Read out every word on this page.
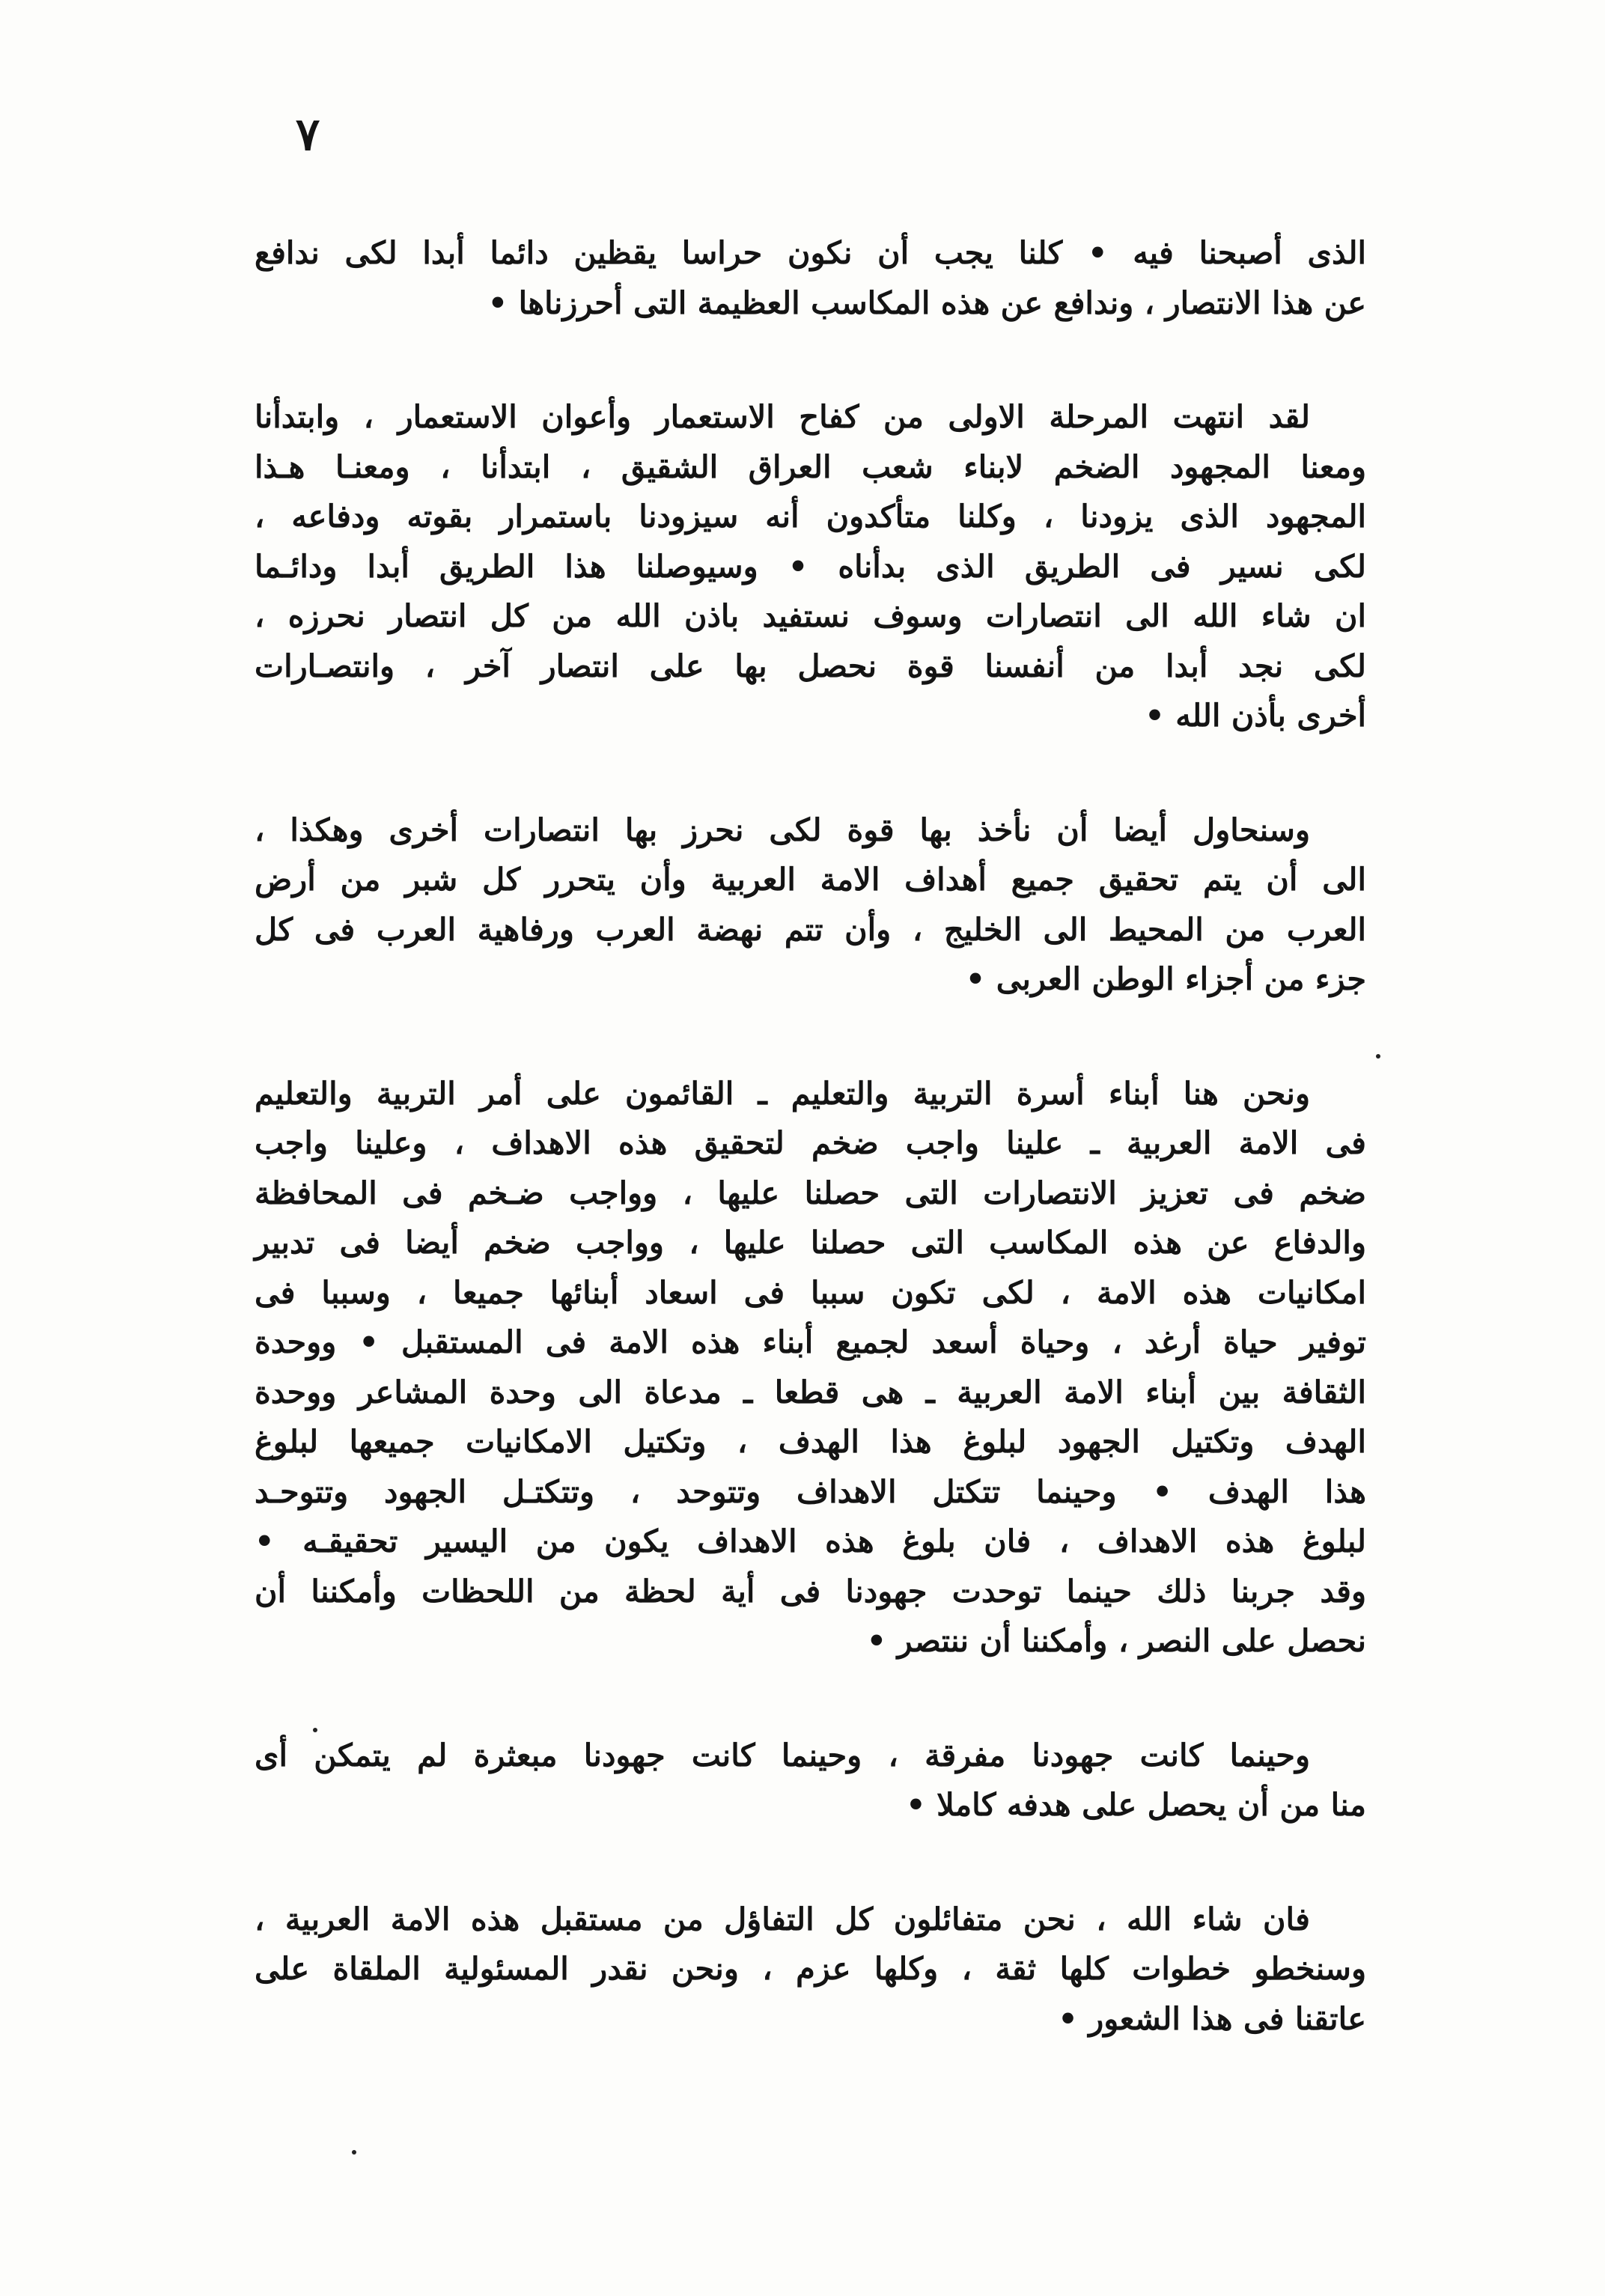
٧

الذى أصبحنا فيه • كلنا يجب أن نكون حراسا يقظين دائما أبدا لكى ندافع
عن هذا الانتصار ، وندافع عن هذه المكاسب العظيمة التى أحرزناها •

لقد انتهت المرحلة الاولى من كفاح الاستعمار وأعوان الاستعمار ، وابتدأنا
ومعنا المجهود الضخم لابناء شعب العراق الشقيق ، ابتدأنا ، ومعنـا هـذا
المجهود الذى يزودنا ، وكلنا متأكدون أنه سيزودنا باستمرار بقوته ودفاعه ،
لكى نسير فى الطريق الذى بدأناه • وسيوصلنا هذا الطريق أبدا ودائـما
ان شاء الله الى انتصارات وسوف نستفيد باذن الله من كل انتصار نحرزه ،
لكى نجد أبدا من أنفسنا قوة نحصل بها على انتصار آخر ، وانتصـارات
أخرى بأذن الله •

وسنحاول أيضا أن نأخذ بها قوة لكى نحرز بها انتصارات أخرى وهكذا ،
الى أن يتم تحقيق جميع أهداف الامة العربية وأن يتحرر كل شبر من أرض
العرب من المحيط الى الخليج ، وأن تتم نهضة العرب ورفاهية العرب فى كل
جزء من أجزاء الوطن العربى •

ونحن هنا أبناء أسرة التربية والتعليم ـ القائمون على أمر التربية والتعليم
فى الامة العربية ـ علينا واجب ضخم لتحقيق هذه الاهداف ، وعلينا واجب
ضخم فى تعزيز الانتصارات التى حصلنا عليها ، وواجب ضـخم فى المحافظة
والدفاع عن هذه المكاسب التى حصلنا عليها ، وواجب ضخم أيضا فى تدبير
امكانيات هذه الامة ، لكى تكون سببا فى اسعاد أبنائها جميعا ، وسببا فى
توفير حياة أرغد ، وحياة أسعد لجميع أبناء هذه الامة فى المستقبل • ووحدة
الثقافة بين أبناء الامة العربية ـ هى قطعا ـ مدعاة الى وحدة المشاعر ووحدة
الهدف وتكتيل الجهود لبلوغ هذا الهدف ، وتكتيل الامكانيات جميعها لبلوغ
هذا الهدف • وحينما تتكتل الاهداف وتتوحد ، وتتكتـل الجهود وتتوحـد
لبلوغ هذه الاهداف ، فان بلوغ هذه الاهداف يكون من اليسير تحقيقـه •
وقد جربنا ذلك حينما توحدت جهودنا فى أية لحظة من اللحظات وأمكننا أن
نحصل على النصر ، وأمكننا أن ننتصر •

وحينما كانت جهودنا مفرقة ، وحينما كانت جهودنا مبعثرة لم يتمكن أى
منا من أن يحصل على هدفه كاملا •

فان شاء الله ، نحن متفائلون كل التفاؤل من مستقبل هذه الامة العربية ،
وسنخطو خطوات كلها ثقة ، وكلها عزم ، ونحن نقدر المسئولية الملقاة على
عاتقنا فى هذا الشعور •
